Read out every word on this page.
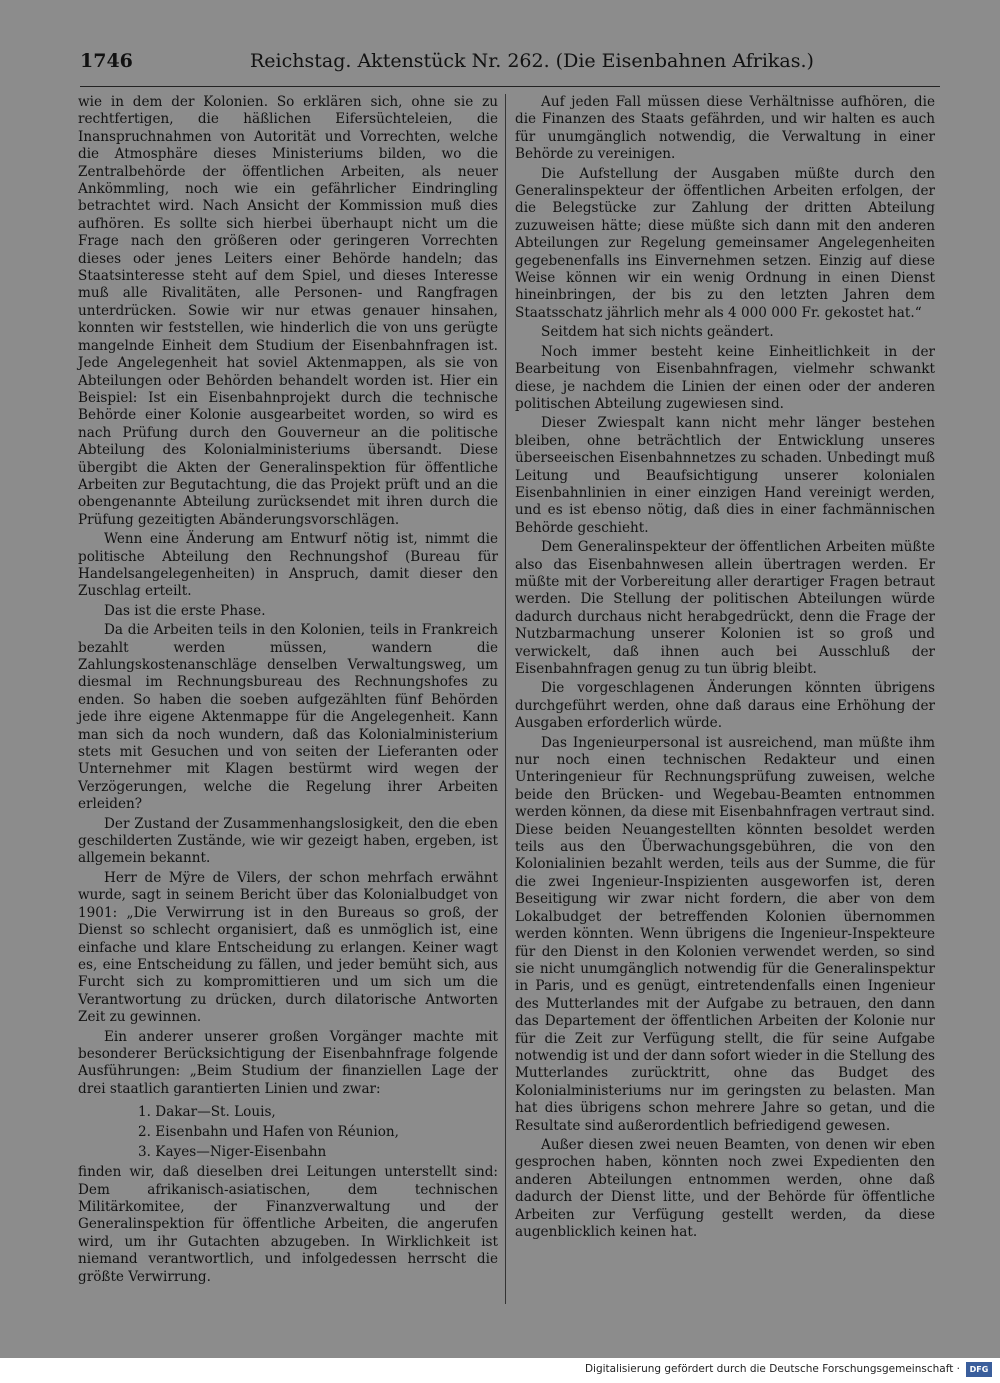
1746	Reichstag. Aktenstück Nr. 262. (Die Eisenbahnen Afrikas.)

wie in dem der Kolonien. So erklären sich, ohne sie zu rechtfertigen, die häßlichen Eifersüchteleien, die Inanspruchnahmen von Autorität und Vorrechten, welche die Atmosphäre dieses Ministeriums bilden, wo die Zentralbehörde der öffentlichen Arbeiten, als neuer Ankömmling, noch wie ein gefährlicher Eindringling betrachtet wird. Nach Ansicht der Kommission muß dies aufhören. Es sollte sich hierbei überhaupt nicht um die Frage nach den größeren oder geringeren Vorrechten dieses oder jenes Leiters einer Behörde handeln; das Staatsinteresse steht auf dem Spiel, und dieses Interesse muß alle Rivalitäten, alle Personen- und Rangfragen unterdrücken. Sowie wir nur etwas genauer hinsahen, konnten wir feststellen, wie hinderlich die von uns gerügte mangelnde Einheit dem Studium der Eisenbahnfragen ist. Jede Angelegenheit hat soviel Aktenmappen, als sie von Abteilungen oder Behörden behandelt worden ist. Hier ein Beispiel: Ist ein Eisenbahnprojekt durch die technische Behörde einer Kolonie ausgearbeitet worden, so wird es nach Prüfung durch den Gouverneur an die politische Abteilung des Kolonialministeriums übersandt. Diese übergibt die Akten der Generalinspektion für öffentliche Arbeiten zur Begutachtung, die das Projekt prüft und an die obengenannte Abteilung zurücksendet mit ihren durch die Prüfung gezeitigten Abänderungsvorschlägen.

Wenn eine Änderung am Entwurf nötig ist, nimmt die politische Abteilung den Rechnungshof (Bureau für Handelsangelegenheiten) in Anspruch, damit dieser den Zuschlag erteilt.

Das ist die erste Phase.

Da die Arbeiten teils in den Kolonien, teils in Frankreich bezahlt werden müssen, wandern die Zahlungskostenanschläge denselben Verwaltungsweg, um diesmal im Rechnungsbureau des Rechnungshofes zu enden. So haben die soeben aufgezählten fünf Behörden jede ihre eigene Aktenmappe für die Angelegenheit. Kann man sich da noch wundern, daß das Kolonialministerium stets mit Gesuchen und von seiten der Lieferanten oder Unternehmer mit Klagen bestürmt wird wegen der Verzögerungen, welche die Regelung ihrer Arbeiten erleiden?

Der Zustand der Zusammenhangslosigkeit, den die eben geschilderten Zustände, wie wir gezeigt haben, ergeben, ist allgemein bekannt.

Herr de Mÿre de Vilers, der schon mehrfach erwähnt wurde, sagt in seinem Bericht über das Kolonialbudget von 1901: „Die Verwirrung ist in den Bureaus so groß, der Dienst so schlecht organisiert, daß es unmöglich ist, eine einfache und klare Entscheidung zu erlangen. Keiner wagt es, eine Entscheidung zu fällen, und jeder bemüht sich, aus Furcht sich zu kompromittieren und um sich um die Verantwortung zu drücken, durch dilatorische Antworten Zeit zu gewinnen.

Ein anderer unserer großen Vorgänger machte mit besonderer Berücksichtigung der Eisenbahnfrage folgende Ausführungen: „Beim Studium der finanziellen Lage der drei staatlich garantierten Linien und zwar:

1. Dakar—St. Louis,
2. Eisenbahn und Hafen von Réunion,
3. Kayes—Niger-Eisenbahn

finden wir, daß dieselben drei Leitungen unterstellt sind: Dem afrikanisch-asiatischen, dem technischen Militärkomitee, der Finanzverwaltung und der Generalinspektion für öffentliche Arbeiten, die angerufen wird, um ihr Gutachten abzugeben. In Wirklichkeit ist niemand verantwortlich, und infolgedessen herrscht die größte Verwirrung.

Auf jeden Fall müssen diese Verhältnisse aufhören, die die Finanzen des Staats gefährden, und wir halten es auch für unumgänglich notwendig, die Verwaltung in einer Behörde zu vereinigen.

Die Aufstellung der Ausgaben müßte durch den Generalinspekteur der öffentlichen Arbeiten erfolgen, der die Belegstücke zur Zahlung der dritten Abteilung zuzuweisen hätte; diese müßte sich dann mit den anderen Abteilungen zur Regelung gemeinsamer Angelegenheiten gegebenenfalls ins Einvernehmen setzen. Einzig auf diese Weise können wir ein wenig Ordnung in einen Dienst hineinbringen, der bis zu den letzten Jahren dem Staatsschatz jährlich mehr als 4 000 000 Fr. gekostet hat.“

Seitdem hat sich nichts geändert.

Noch immer besteht keine Einheitlichkeit in der Bearbeitung von Eisenbahnfragen, vielmehr schwankt diese, je nachdem die Linien der einen oder der anderen politischen Abteilung zugewiesen sind.

Dieser Zwiespalt kann nicht mehr länger bestehen bleiben, ohne beträchtlich der Entwicklung unseres überseeischen Eisenbahnnetzes zu schaden. Unbedingt muß Leitung und Beaufsichtigung unserer kolonialen Eisenbahnlinien in einer einzigen Hand vereinigt werden, und es ist ebenso nötig, daß dies in einer fachmännischen Behörde geschieht.

Dem Generalinspekteur der öffentlichen Arbeiten müßte also das Eisenbahnwesen allein übertragen werden. Er müßte mit der Vorbereitung aller derartiger Fragen betraut werden. Die Stellung der politischen Abteilungen würde dadurch durchaus nicht herabgedrückt, denn die Frage der Nutzbarmachung unserer Kolonien ist so groß und verwickelt, daß ihnen auch bei Ausschluß der Eisenbahnfragen genug zu tun übrig bleibt.

Die vorgeschlagenen Änderungen könnten übrigens durchgeführt werden, ohne daß daraus eine Erhöhung der Ausgaben erforderlich würde.

Das Ingenieurpersonal ist ausreichend, man müßte ihm nur noch einen technischen Redakteur und einen Unteringenieur für Rechnungsprüfung zuweisen, welche beide den Brücken- und Wegebau-Beamten entnommen werden können, da diese mit Eisenbahnfragen vertraut sind. Diese beiden Neuangestellten könnten besoldet werden teils aus den Überwachungsgebühren, die von den Kolonialinien bezahlt werden, teils aus der Summe, die für die zwei Ingenieur-Inspizienten ausgeworfen ist, deren Beseitigung wir zwar nicht fordern, die aber von dem Lokalbudget der betreffenden Kolonien übernommen werden könnten. Wenn übrigens die Ingenieur-Inspekteure für den Dienst in den Kolonien verwendet werden, so sind sie nicht unumgänglich notwendig für die Generalinspektur in Paris, und es genügt, eintretendenfalls einen Ingenieur des Mutterlandes mit der Aufgabe zu betrauen, den dann das Departement der öffentlichen Arbeiten der Kolonie nur für die Zeit zur Verfügung stellt, die für seine Aufgabe notwendig ist und der dann sofort wieder in die Stellung des Mutterlandes zurücktritt, ohne das Budget des Kolonialministeriums nur im geringsten zu belasten. Man hat dies übrigens schon mehrere Jahre so getan, und die Resultate sind außerordentlich befriedigend gewesen.

Außer diesen zwei neuen Beamten, von denen wir eben gesprochen haben, könnten noch zwei Expedienten den anderen Abteilungen entnommen werden, ohne daß dadurch der Dienst litte, und der Behörde für öffentliche Arbeiten zur Verfügung gestellt werden, da diese augenblicklich keinen hat.

Digitalisierung gefördert durch die Deutsche Forschungsgemeinschaft ·	DFG
